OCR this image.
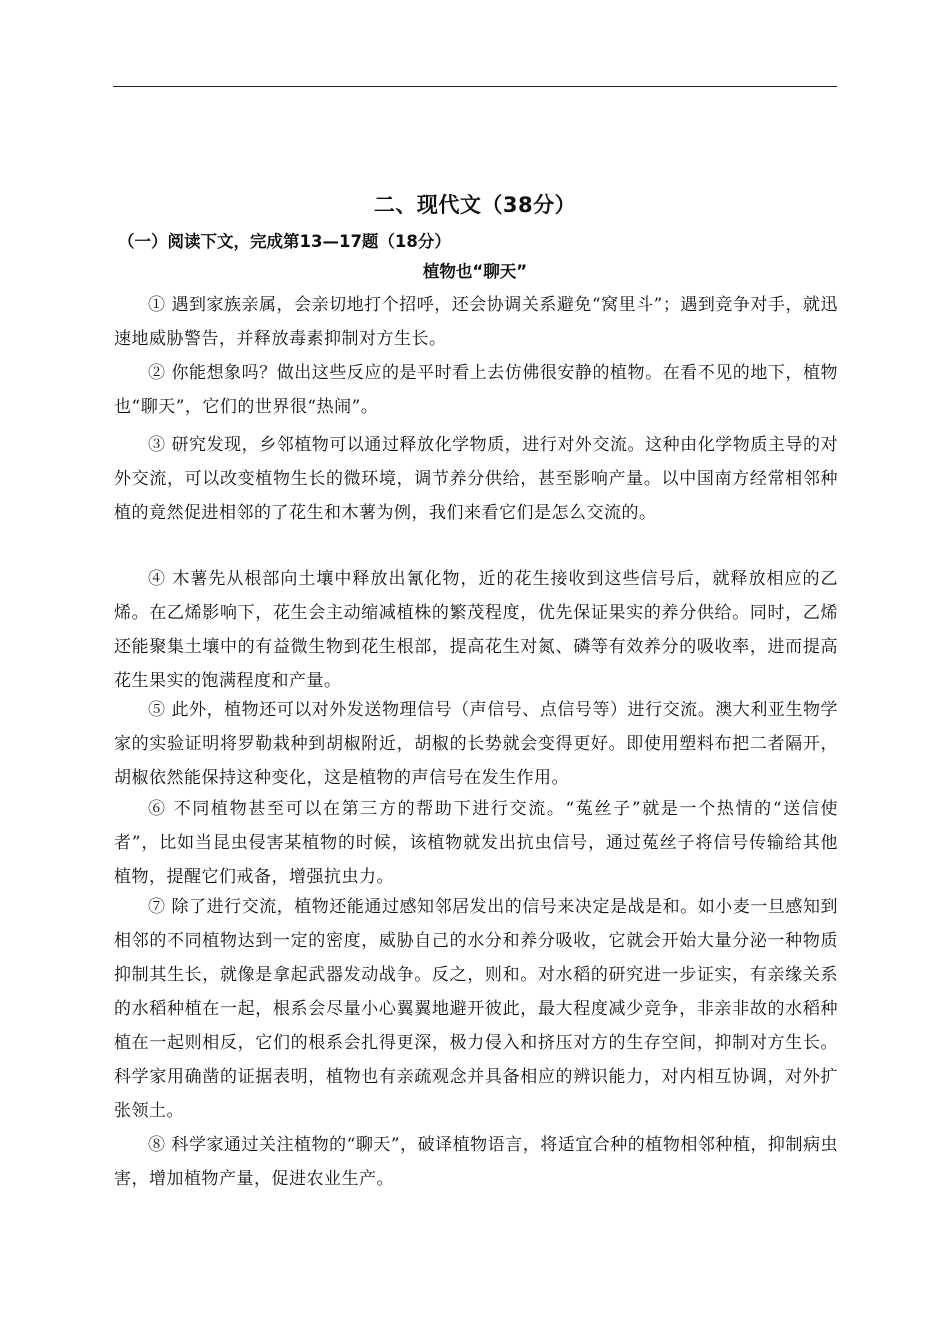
二、现代文（38分）
（一）阅读下文，完成第13—17题（18分）
植物也“聊天”

① 遇到家族亲属，会亲切地打个招呼，还会协调关系避免“窝里斗”；遇到竞争对手，就迅速地威胁警告，并释放毒素抑制对方生长。

② 你能想象吗？做出这些反应的是平时看上去仿佛很安静的植物。在看不见的地下，植物也“聊天”，它们的世界很“热闹”。

③ 研究发现，乡邻植物可以通过释放化学物质，进行对外交流。这种由化学物质主导的对外交流，可以改变植物生长的微环境，调节养分供给，甚至影响产量。以中国南方经常相邻种植的竟然促进相邻的了花生和木薯为例，我们来看它们是怎么交流的。

④ 木薯先从根部向土壤中释放出氰化物，近的花生接收到这些信号后，就释放相应的乙烯。在乙烯影响下，花生会主动缩减植株的繁茂程度，优先保证果实的养分供给。同时，乙烯还能聚集土壤中的有益微生物到花生根部，提高花生对氮、磷等有效养分的吸收率，进而提高花生果实的饱满程度和产量。

⑤ 此外，植物还可以对外发送物理信号（声信号、点信号等）进行交流。澳大利亚生物学家的实验证明将罗勒栽种到胡椒附近，胡椒的长势就会变得更好。即使用塑料布把二者隔开，胡椒依然能保持这种变化，这是植物的声信号在发生作用。

⑥ 不同植物甚至可以在第三方的帮助下进行交流。“菟丝子”就是一个热情的“送信使者”，比如当昆虫侵害某植物的时候，该植物就发出抗虫信号，通过菟丝子将信号传输给其他植物，提醒它们戒备，增强抗虫力。

⑦ 除了进行交流，植物还能通过感知邻居发出的信号来决定是战是和。如小麦一旦感知到相邻的不同植物达到一定的密度，威胁自己的水分和养分吸收，它就会开始大量分泌一种物质抑制其生长，就像是拿起武器发动战争。反之，则和。对水稻的研究进一步证实，有亲缘关系的水稻种植在一起，根系会尽量小心翼翼地避开彼此，最大程度减少竞争，非亲非故的水稻种植在一起则相反，它们的根系会扎得更深，极力侵入和挤压对方的生存空间，抑制对方生长。科学家用确凿的证据表明，植物也有亲疏观念并具备相应的辨识能力，对内相互协调，对外扩张领土。

⑧ 科学家通过关注植物的“聊天”，破译植物语言，将适宜合种的植物相邻种植，抑制病虫害，增加植物产量，促进农业生产。
